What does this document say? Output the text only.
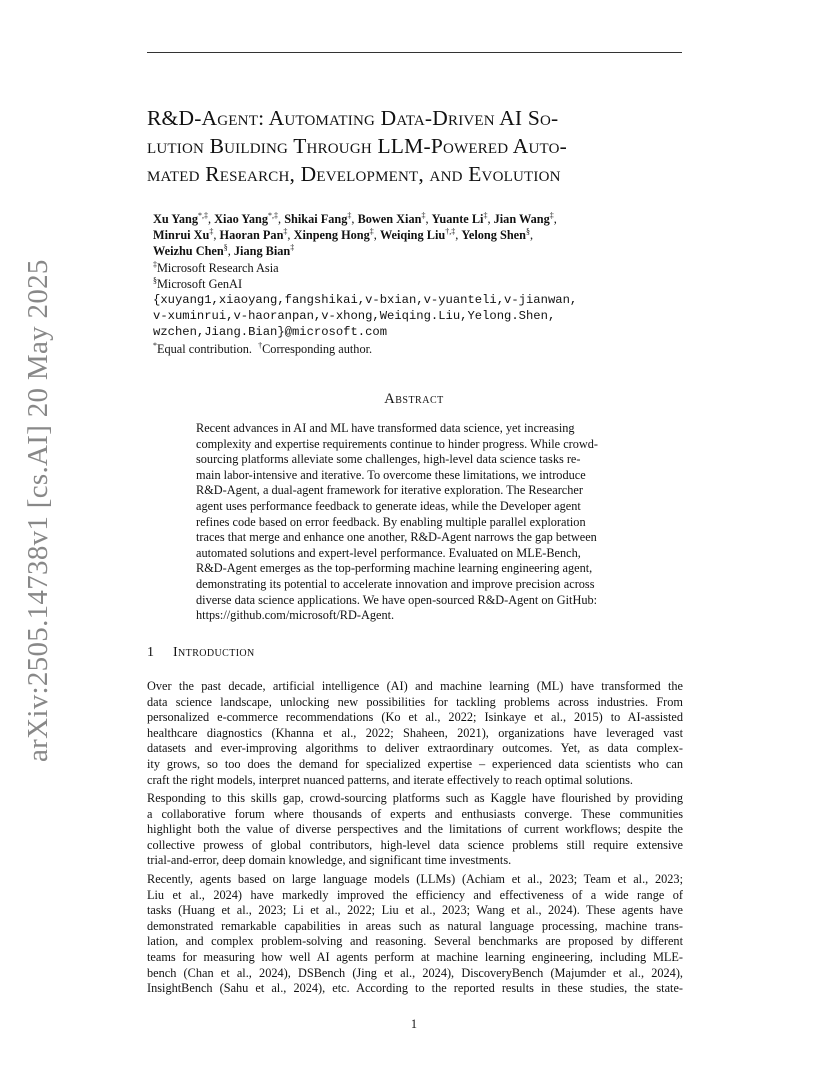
arXiv:2505.14738v1 [cs.AI] 20 May 2025
R&D-Agent: Automating Data-Driven AI So-
lution Building Through LLM-Powered Auto-
mated Research, Development, and Evolution
Xu Yang*,‡, Xiao Yang*,‡, Shikai Fang‡, Bowen Xian‡, Yuante Li‡, Jian Wang‡,
Minrui Xu‡, Haoran Pan‡, Xinpeng Hong‡, Weiqing Liu†,‡, Yelong Shen§,
Weizhu Chen§, Jiang Bian‡
‡Microsoft Research Asia
§Microsoft GenAI
{xuyang1,xiaoyang,fangshikai,v-bxian,v-yuanteli,v-jianwan,
v-xuminrui,v-haoranpan,v-xhong,Weiqing.Liu,Yelong.Shen,
wzchen,Jiang.Bian}@microsoft.com
*Equal contribution. †Corresponding author.
Abstract
Recent advances in AI and ML have transformed data science, yet increasing
complexity and expertise requirements continue to hinder progress. While crowd-
sourcing platforms alleviate some challenges, high-level data science tasks re-
main labor-intensive and iterative. To overcome these limitations, we introduce
R&D-Agent, a dual-agent framework for iterative exploration. The Researcher
agent uses performance feedback to generate ideas, while the Developer agent
refines code based on error feedback. By enabling multiple parallel exploration
traces that merge and enhance one another, R&D-Agent narrows the gap between
automated solutions and expert-level performance. Evaluated on MLE-Bench,
R&D-Agent emerges as the top-performing machine learning engineering agent,
demonstrating its potential to accelerate innovation and improve precision across
diverse data science applications. We have open-sourced R&D-Agent on GitHub:
https://github.com/microsoft/RD-Agent.
1 Introduction
Over the past decade, artificial intelligence (AI) and machine learning (ML) have transformed the
data science landscape, unlocking new possibilities for tackling problems across industries. From
personalized e-commerce recommendations (Ko et al., 2022; Isinkaye et al., 2015) to AI-assisted
healthcare diagnostics (Khanna et al., 2022; Shaheen, 2021), organizations have leveraged vast
datasets and ever-improving algorithms to deliver extraordinary outcomes. Yet, as data complex-
ity grows, so too does the demand for specialized expertise – experienced data scientists who can
craft the right models, interpret nuanced patterns, and iterate effectively to reach optimal solutions.
Responding to this skills gap, crowd-sourcing platforms such as Kaggle have flourished by providing
a collaborative forum where thousands of experts and enthusiasts converge. These communities
highlight both the value of diverse perspectives and the limitations of current workflows; despite the
collective prowess of global contributors, high-level data science problems still require extensive
trial-and-error, deep domain knowledge, and significant time investments.
Recently, agents based on large language models (LLMs) (Achiam et al., 2023; Team et al., 2023;
Liu et al., 2024) have markedly improved the efficiency and effectiveness of a wide range of
tasks (Huang et al., 2023; Li et al., 2022; Liu et al., 2023; Wang et al., 2024). These agents have
demonstrated remarkable capabilities in areas such as natural language processing, machine trans-
lation, and complex problem-solving and reasoning. Several benchmarks are proposed by different
teams for measuring how well AI agents perform at machine learning engineering, including MLE-
bench (Chan et al., 2024), DSBench (Jing et al., 2024), DiscoveryBench (Majumder et al., 2024),
InsightBench (Sahu et al., 2024), etc. According to the reported results in these studies, the state-
1
